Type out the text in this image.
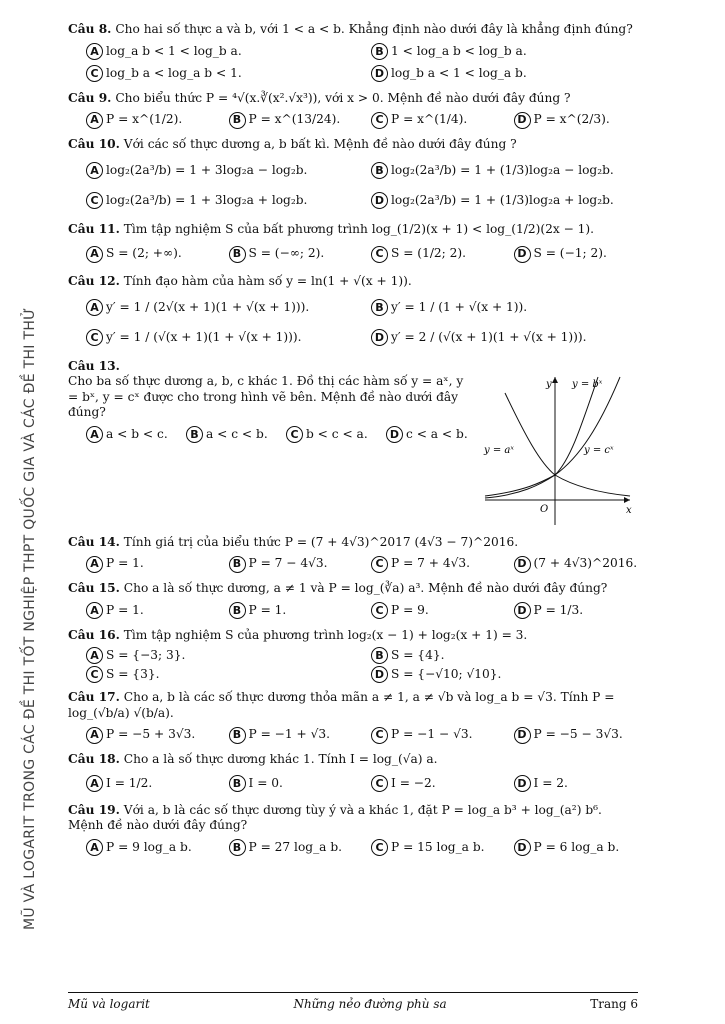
MŨ VÀ LOGARIT TRONG CÁC ĐỀ THI TỐT NGHIỆP THPT QUỐC GIA VÀ CÁC ĐỀ THI THỬ
Câu 8. Cho hai số thực a và b, với 1 < a < b. Khẳng định nào dưới đây là khẳng định đúng?
A log_a b < 1 < log_b a.	B 1 < log_a b < log_b a.
C log_b a < log_a b < 1.	D log_b a < 1 < log_a b.
Câu 9. Cho biểu thức P = ⁴√(x.∛(x².√x³)), với x > 0. Mệnh đề nào dưới đây đúng ?
A P = x^(1/2).	B P = x^(13/24).	C P = x^(1/4).	D P = x^(2/3).
Câu 10. Với các số thực dương a, b bất kì. Mệnh đề nào dưới đây đúng ?
A log₂(2a³/b) = 1 + 3log₂a − log₂b.	B log₂(2a³/b) = 1 + (1/3)log₂a − log₂b.
C log₂(2a³/b) = 1 + 3log₂a + log₂b.	D log₂(2a³/b) = 1 + (1/3)log₂a + log₂b.
Câu 11. Tìm tập nghiệm S của bất phương trình log_(1/2)(x + 1) < log_(1/2)(2x − 1).
A S = (2; +∞).	B S = (−∞; 2).	C S = (1/2; 2).	D S = (−1; 2).
Câu 12. Tính đạo hàm của hàm số y = ln(1 + √(x + 1)).
A y′ = 1 / (2√(x + 1)(1 + √(x + 1))).	B y′ = 1 / (1 + √(x + 1)).
C y′ = 1 / (√(x + 1)(1 + √(x + 1))).	D y′ = 2 / (√(x + 1)(1 + √(x + 1))).
Câu 13.
Cho ba số thực dương a, b, c khác 1. Đồ thị các hàm số y = aˣ, y = bˣ, y = cˣ được cho trong hình vẽ bên. Mệnh đề nào dưới đây đúng?
A a < b < c.	B a < c < b.	C b < c < a.	D c < a < b.
y
x
O
y = bˣ
y = aˣ	y = cˣ
Câu 14. Tính giá trị của biểu thức P = (7 + 4√3)^2017 (4√3 − 7)^2016.
A P = 1.	B P = 7 − 4√3.	C P = 7 + 4√3.	D (7 + 4√3)^2016.
Câu 15. Cho a là số thực dương, a ≠ 1 và P = log_(∛a) a³. Mệnh đề nào dưới đây đúng?
A P = 1.	B P = 1.	C P = 9.	D P = 1/3.
Câu 16. Tìm tập nghiệm S của phương trình log₂(x − 1) + log₂(x + 1) = 3.
A S = {−3; 3}.	B S = {4}.
C S = {3}.	D S = {−√10; √10}.
Câu 17. Cho a, b là các số thực dương thỏa mãn a ≠ 1, a ≠ √b và log_a b = √3. Tính P = log_(√b/a) √(b/a).
A P = −5 + 3√3.	B P = −1 + √3.	C P = −1 − √3.	D P = −5 − 3√3.
Câu 18. Cho a là số thực dương khác 1. Tính I = log_(√a) a.
A I = 1/2.	B I = 0.	C I = −2.	D I = 2.
Câu 19. Với a, b là các số thực dương tùy ý và a khác 1, đặt P = log_a b³ + log_(a²) b⁶. Mệnh đề nào dưới đây đúng?
A P = 9 log_a b.	B P = 27 log_a b.	C P = 15 log_a b.	D P = 6 log_a b.
Mũ và logarit	Những nẻo đường phù sa	Trang 6
